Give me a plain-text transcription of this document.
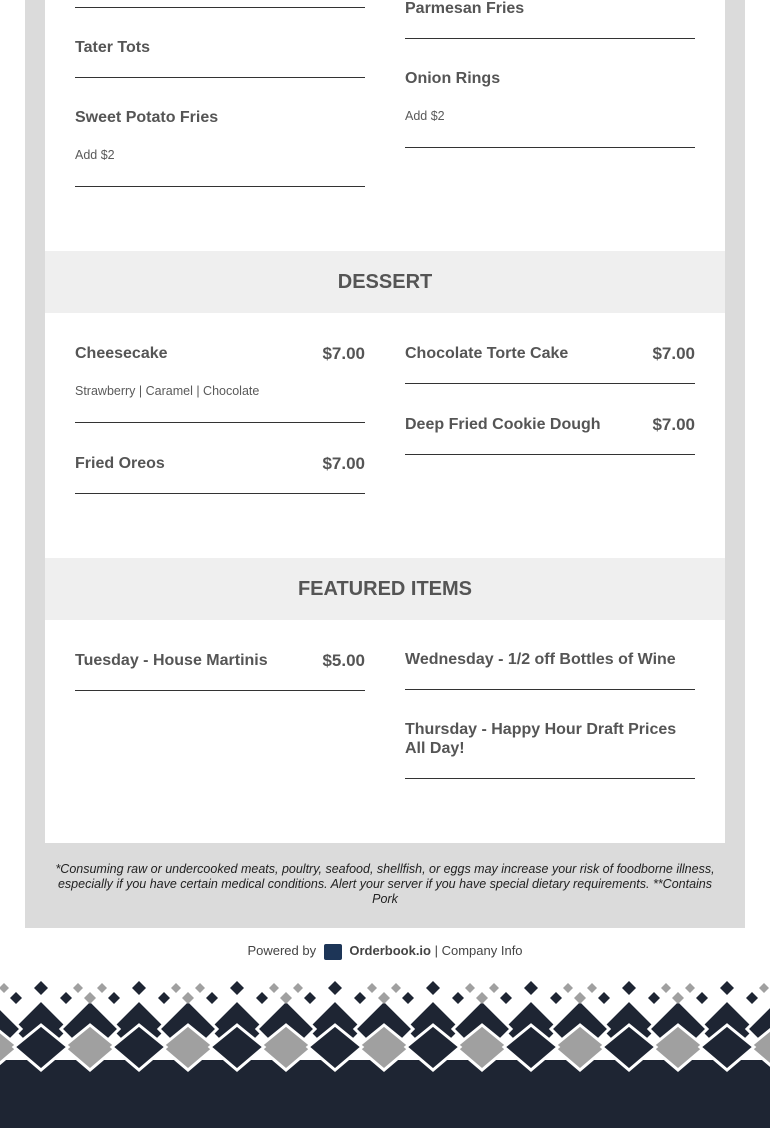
Tater Tots
Sweet Potato Fries
Add $2
Parmesan Fries
Onion Rings
Add $2
DESSERT
Cheesecake	$7.00
Strawberry | Caramel | Chocolate
Fried Oreos	$7.00
Chocolate Torte Cake	$7.00
Deep Fried Cookie Dough	$7.00
FEATURED ITEMS
Tuesday - House Martinis	$5.00	Wednesday - 1/2 off Bottles of Wine
Thursday - Happy Hour Draft Prices All Day!
*Consuming raw or undercooked meats, poultry, seafood, shellfish, or eggs may increase your risk of foodborne illness, especially if you have certain medical conditions. Alert your server if you have special dietary requirements. **Contains Pork
Powered by	Orderbook.io | Company Info
